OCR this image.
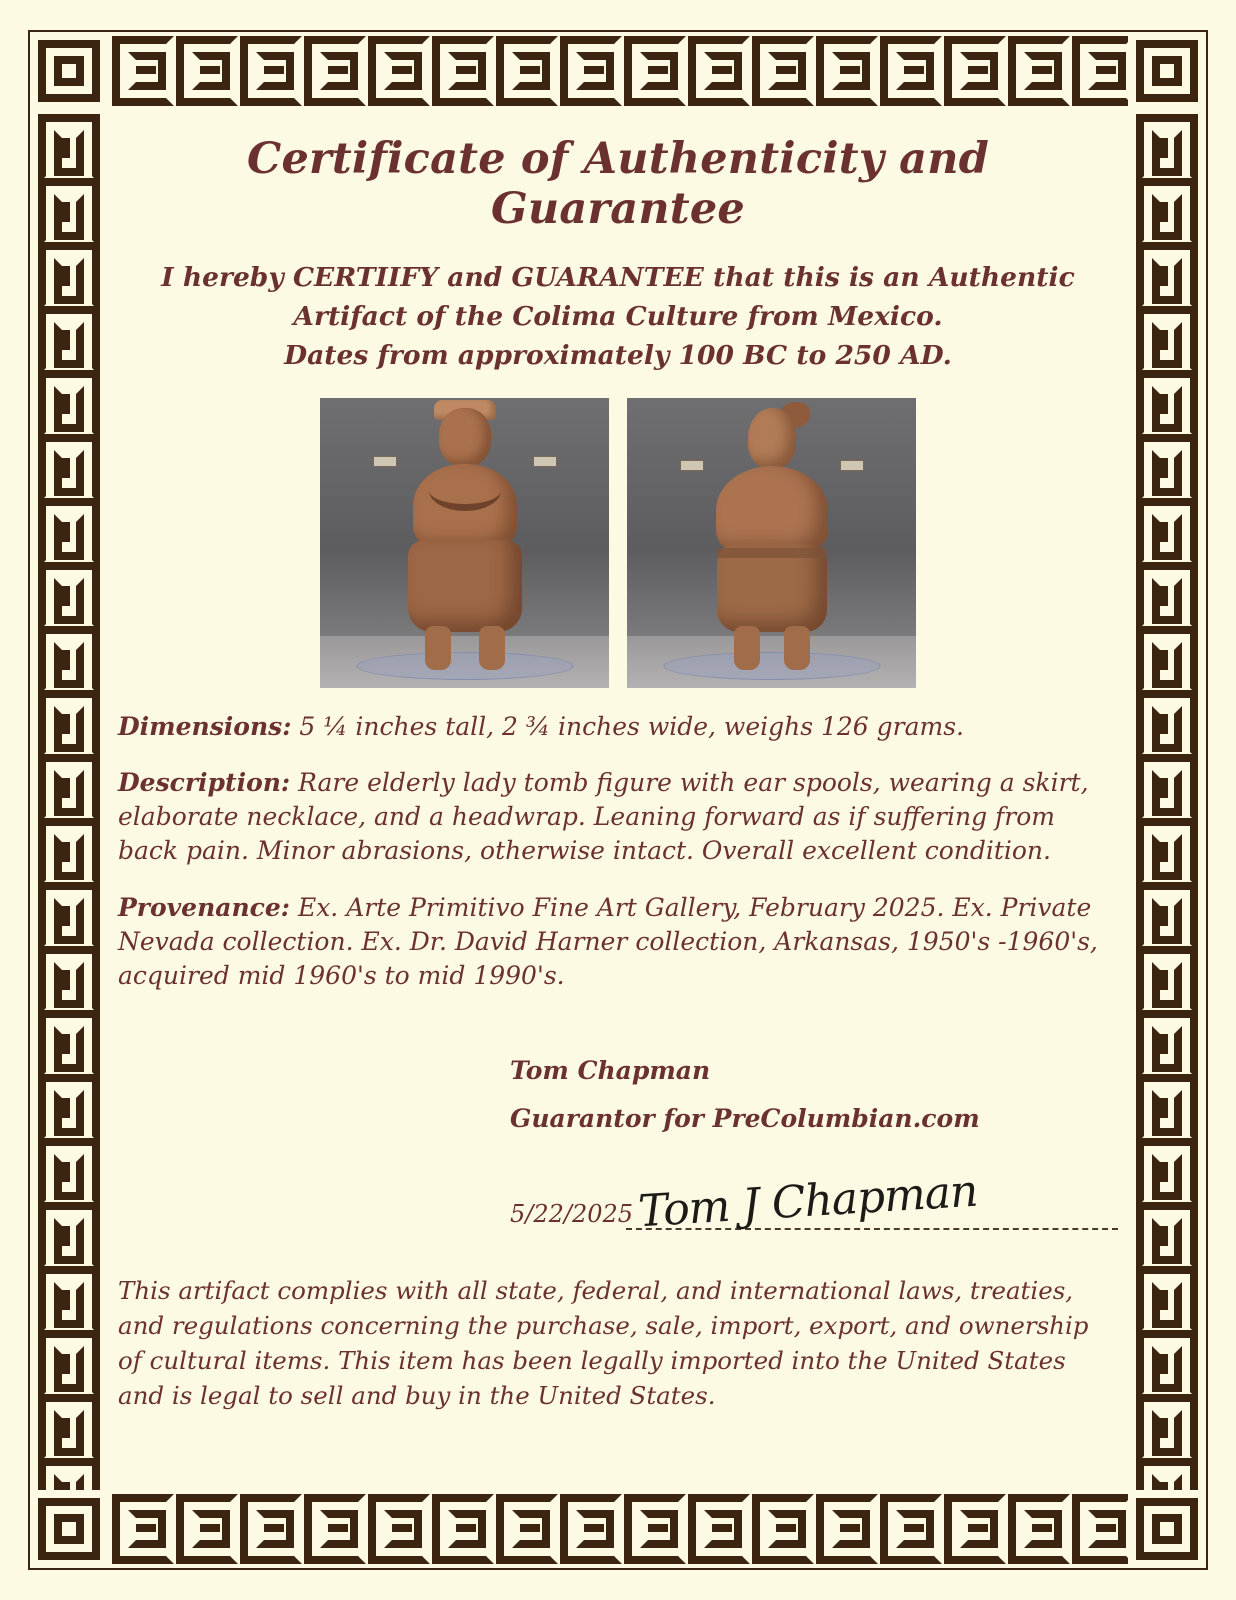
Certificate of Authenticity and Guarantee
I hereby CERTIIFY and GUARANTEE that this is an Authentic
Artifact of the Colima Culture from Mexico.
Dates from approximately 100 BC to 250 AD.
Dimensions: 5 ¼ inches tall, 2 ¾ inches wide, weighs 126 grams.
Description: Rare elderly lady tomb figure with ear spools, wearing a skirt, elaborate necklace, and a headwrap. Leaning forward as if suffering from back pain. Minor abrasions, otherwise intact. Overall excellent condition.
Provenance: Ex. Arte Primitivo Fine Art Gallery, February 2025. Ex. Private Nevada collection. Ex. Dr. David Harner collection, Arkansas, 1950's -1960's, acquired mid 1960's to mid 1990's.
Tom Chapman
Guarantor for PreColumbian.com
5/22/2025 Tom J Chapman
This artifact complies with all state, federal, and international laws, treaties, and regulations concerning the purchase, sale, import, export, and ownership of cultural items. This item has been legally imported into the United States and is legal to sell and buy in the United States.
